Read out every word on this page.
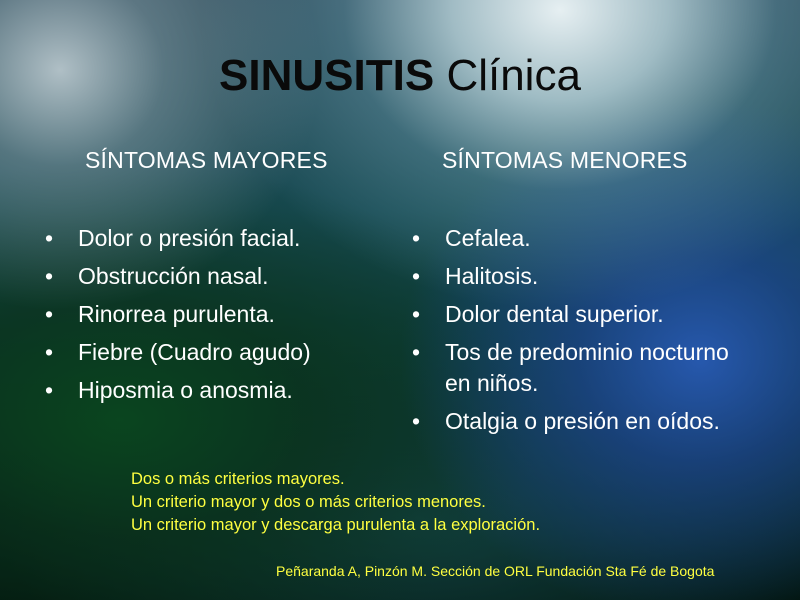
SINUSITIS Clínica
SÍNTOMAS MAYORES	SÍNTOMAS MENORES
•	Dolor o presión facial.
•	Obstrucción nasal.
•	Rinorrea purulenta.
•	Fiebre (Cuadro agudo)
•	Hiposmia o anosmia.
•	Cefalea.
•	Halitosis.
•	Dolor dental superior.
•	Tos de predominio nocturno en niños.
•	Otalgia o presión en oídos.
Dos o más criterios mayores.
Un criterio mayor y dos o más criterios menores.
Un criterio mayor y descarga purulenta a la exploración.
Peñaranda A, Pinzón M. Sección de ORL Fundación Sta Fé de Bogota
